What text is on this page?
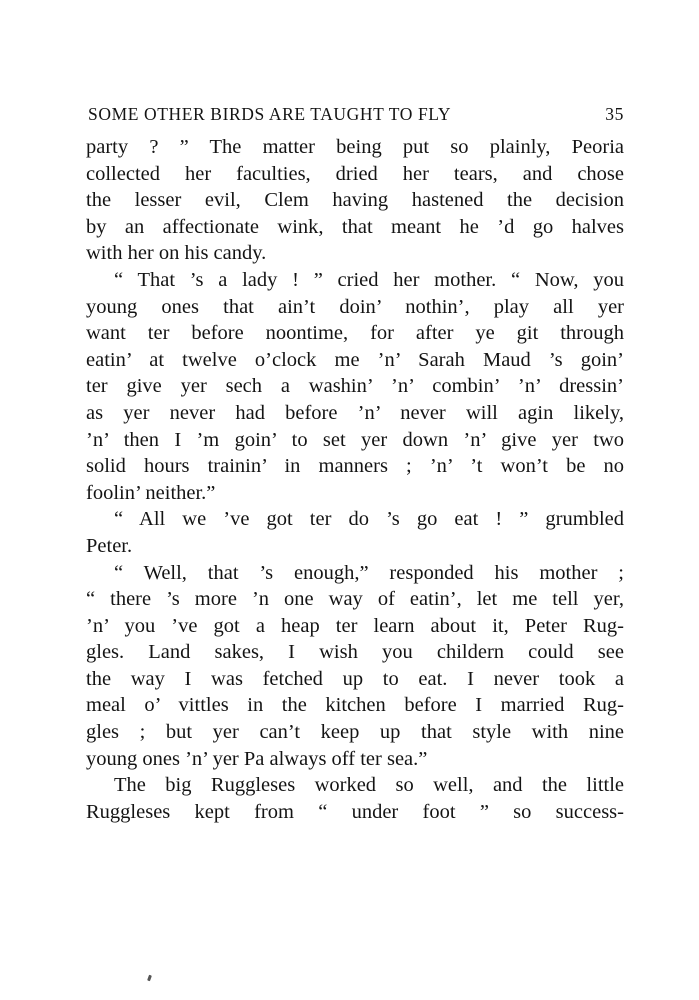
SOME OTHER BIRDS ARE TAUGHT TO FLY	35
party ? ” The matter being put so plainly, Peoria
collected her faculties, dried her tears, and chose
the lesser evil, Clem having hastened the decision
by an affectionate wink, that meant he ’d go halves
with her on his candy.
“ That ’s a lady ! ” cried her mother. “ Now, you
young ones that ain’t doin’ nothin’, play all yer
want ter before noontime, for after ye git through
eatin’ at twelve o’clock me ’n’ Sarah Maud ’s goin’
ter give yer sech a washin’ ’n’ combin’ ’n’ dressin’
as yer never had before ’n’ never will agin likely,
’n’ then I ’m goin’ to set yer down ’n’ give yer two
solid hours trainin’ in manners ; ’n’ ’t won’t be no
foolin’ neither.”
“ All we ’ve got ter do ’s go eat ! ” grumbled
Peter.
“ Well, that ’s enough,” responded his mother ;
“ there ’s more ’n one way of eatin’, let me tell yer,
’n’ you ’ve got a heap ter learn about it, Peter Rug-
gles. Land sakes, I wish you childern could see
the way I was fetched up to eat. I never took a
meal o’ vittles in the kitchen before I married Rug-
gles ; but yer can’t keep up that style with nine
young ones ’n’ yer Pa always off ter sea.”
The big Ruggleses worked so well, and the little
Ruggleses kept from “ under foot ” so success-
